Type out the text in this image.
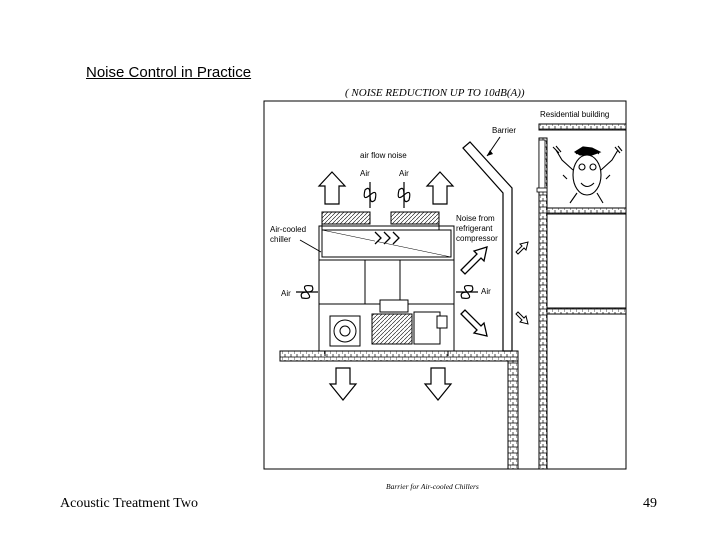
Noise Control in Practice
( NOISE REDUCTION UP TO 10dB(A))
Residential building
Barrier
air flow noise
Air	Air
Air	Air
Air-cooled
chiller
Noise from
refrigerant
compressor
Barrier for Air-cooled Chillers
Acoustic Treatment Two	49
